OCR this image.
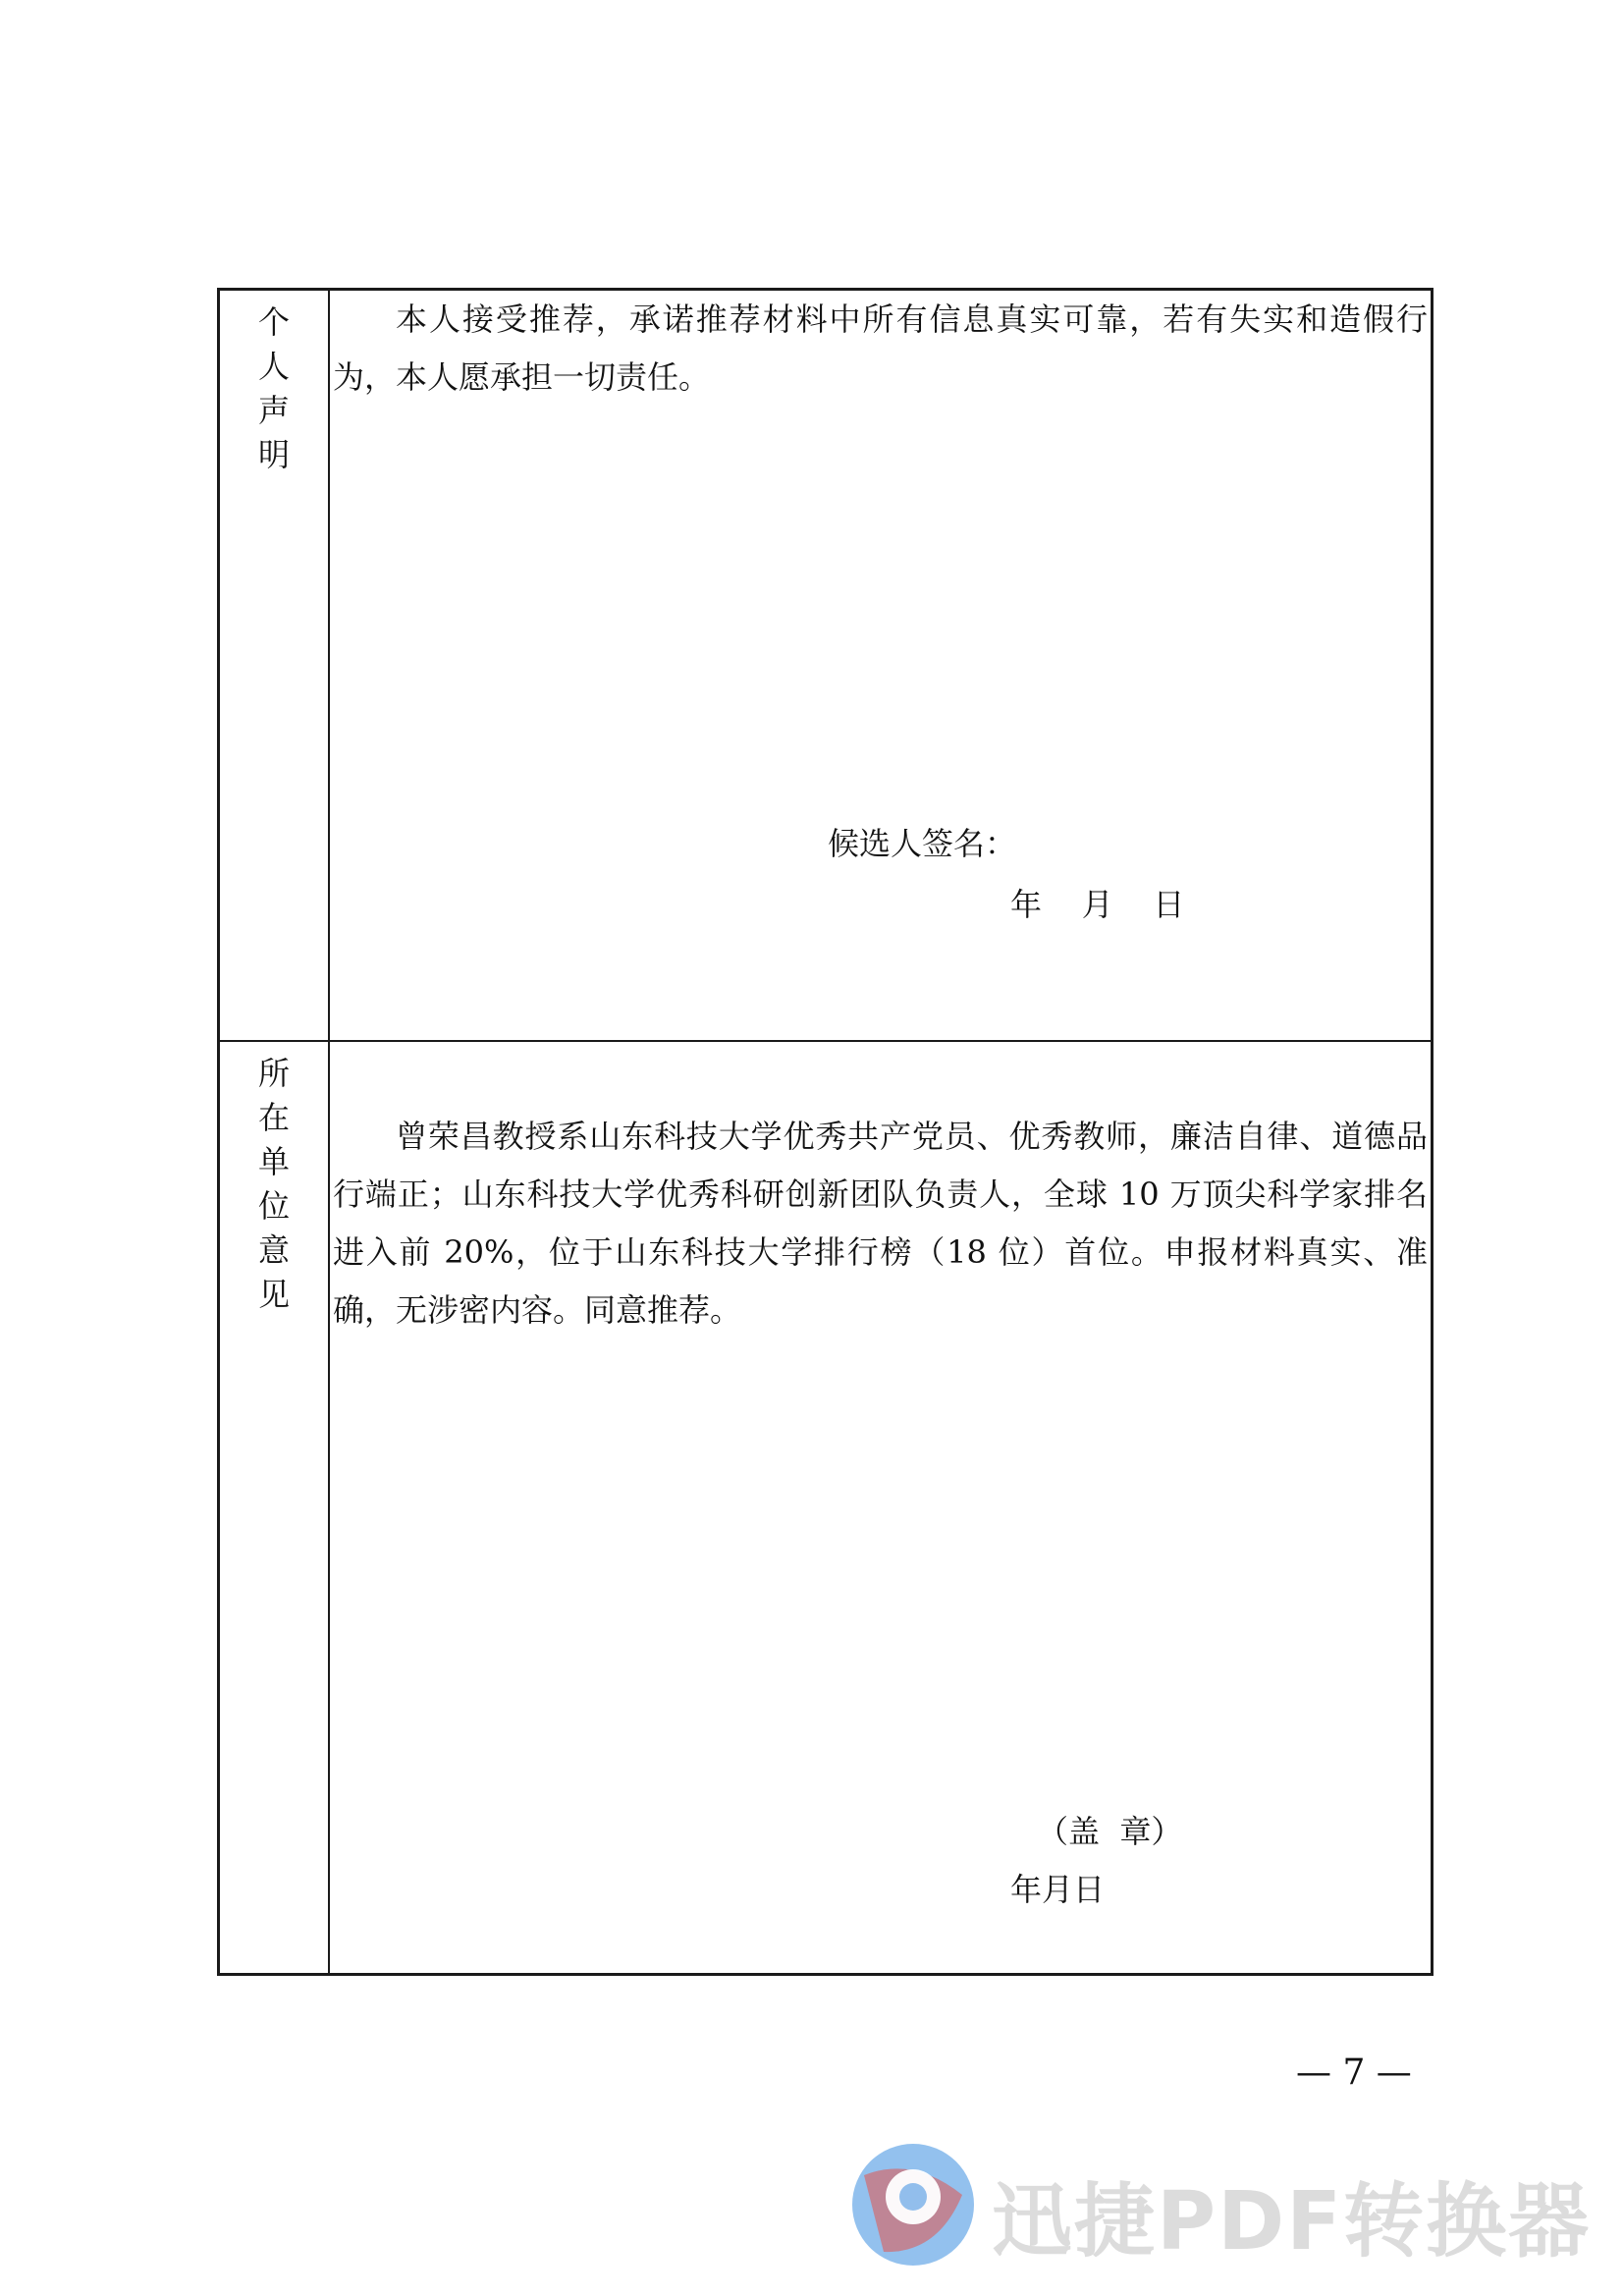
个
人
声
明

本人接受推荐，承诺推荐材料中所有信息真实可靠，若有失实和造假行为，本人愿承担一切责任。

候选人签名：
年    月    日
所
在
单
位
意
见

曾荣昌教授系山东科技大学优秀共产党员、优秀教师，廉洁自律、道德品行端正；山东科技大学优秀科研创新团队负责人，全球 10 万顶尖科学家排名进入前 20%，位于山东科技大学排行榜（18 位）首位。申报材料真实、准确，无涉密内容。同意推荐。

（盖  章）
年月日
— 7 —
迅捷PDF转换器
